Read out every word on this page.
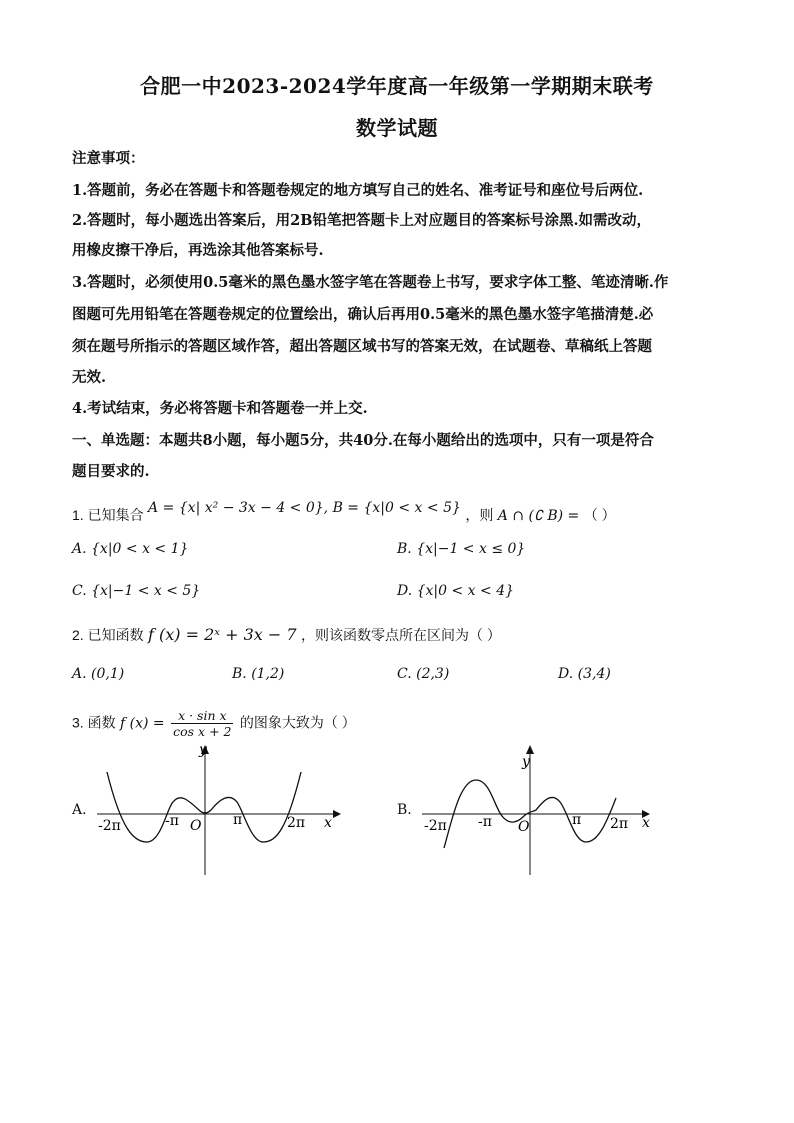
合肥一中2023-2024学年度高一年级第一学期期末联考
数学试题
注意事项：
1.答题前，务必在答题卡和答题卷规定的地方填写自己的姓名、准考证号和座位号后两位.
2.答题时，每小题选出答案后，用2B铅笔把答题卡上对应题目的答案标号涂黑.如需改动，
用橡皮擦干净后，再选涂其他答案标号.
3.答题时，必须使用0.5毫米的黑色墨水签字笔在答题卷上书写，要求字体工整、笔迹清晰.作
图题可先用铅笔在答题卷规定的位置绘出，确认后再用0.5毫米的黑色墨水签字笔描清楚.必
须在题号所指示的答题区域作答，超出答题区域书写的答案无效，在试题卷、草稿纸上答题
无效.
4.考试结束，务必将答题卡和答题卷一并上交.
一、单选题：本题共8小题，每小题5分，共40分.在每小题给出的选项中，只有一项是符合
题目要求的.
1. 已知集合 A = {x| x² − 3x − 4 < 0}, B = {x|0 < x < 5} ，则 A ∩ (∁ B) = （ ）
A. {x|0 < x < 1}	B. {x|−1 < x ≤ 0}
C. {x|−1 < x < 5}	D. {x|0 < x < 4}
2. 已知函数 f (x) = 2ˣ + 3x − 7 ，则该函数零点所在区间为（ ）
A. (0,1)	B. (1,2)	C. (2,3)	D. (3,4)
3. 函数 f $(x) = \frac{\text{x · sin x}}{\text{cos x + 2}}$ 的图象大致为（ ）
A.	B.
y
x
O
-2π	-π	π	2π
y
x
O
-2π -π	π 2π
